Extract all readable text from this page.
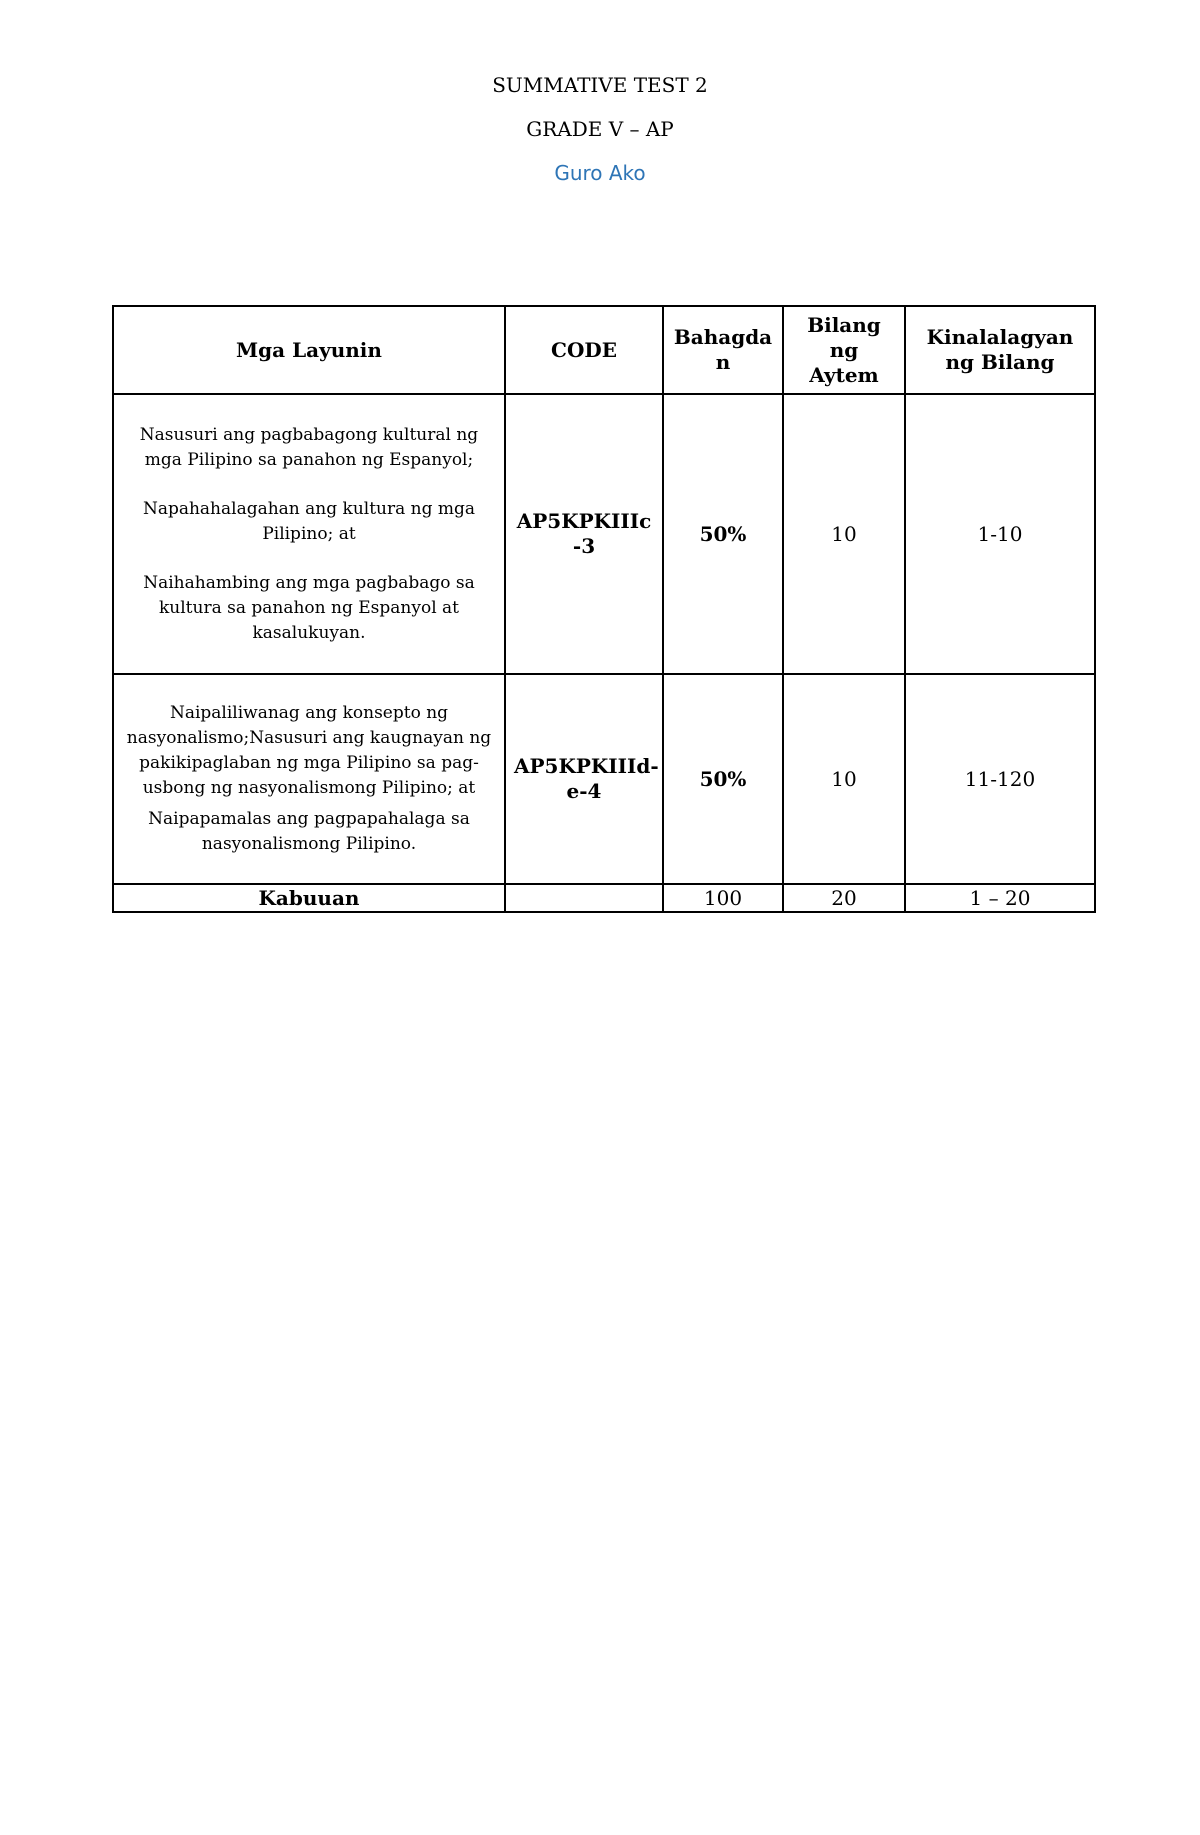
SUMMATIVE TEST 2
GRADE V – AP
Guro Ako
Mga Layunin	CODE	Bahagda n	Bilang ng Aytem	Kinalalagyan ng Bilang

Nasusuri ang pagbabagong kultural ng mga Pilipino sa panahon ng Espanyol;

Napahahalagahan ang kultura ng mga Pilipino; at

Naihahambing ang mga pagbabago sa kultura sa panahon ng Espanyol at kasalukuyan.	AP5KPKIIIc -3	50%	10	1-10

Naipaliliwanag ang konsepto ng nasyonalismo;Nasusuri ang kaugnayan ng pakikipaglaban ng mga Pilipino sa pag-usbong ng nasyonalismong Pilipino; at

Naipapamalas ang pagpapahalaga sa nasyonalismong Pilipino.	AP5KPKIIId-e-4	50%	10	11-120
Kabuuan		100	20	1 – 20
